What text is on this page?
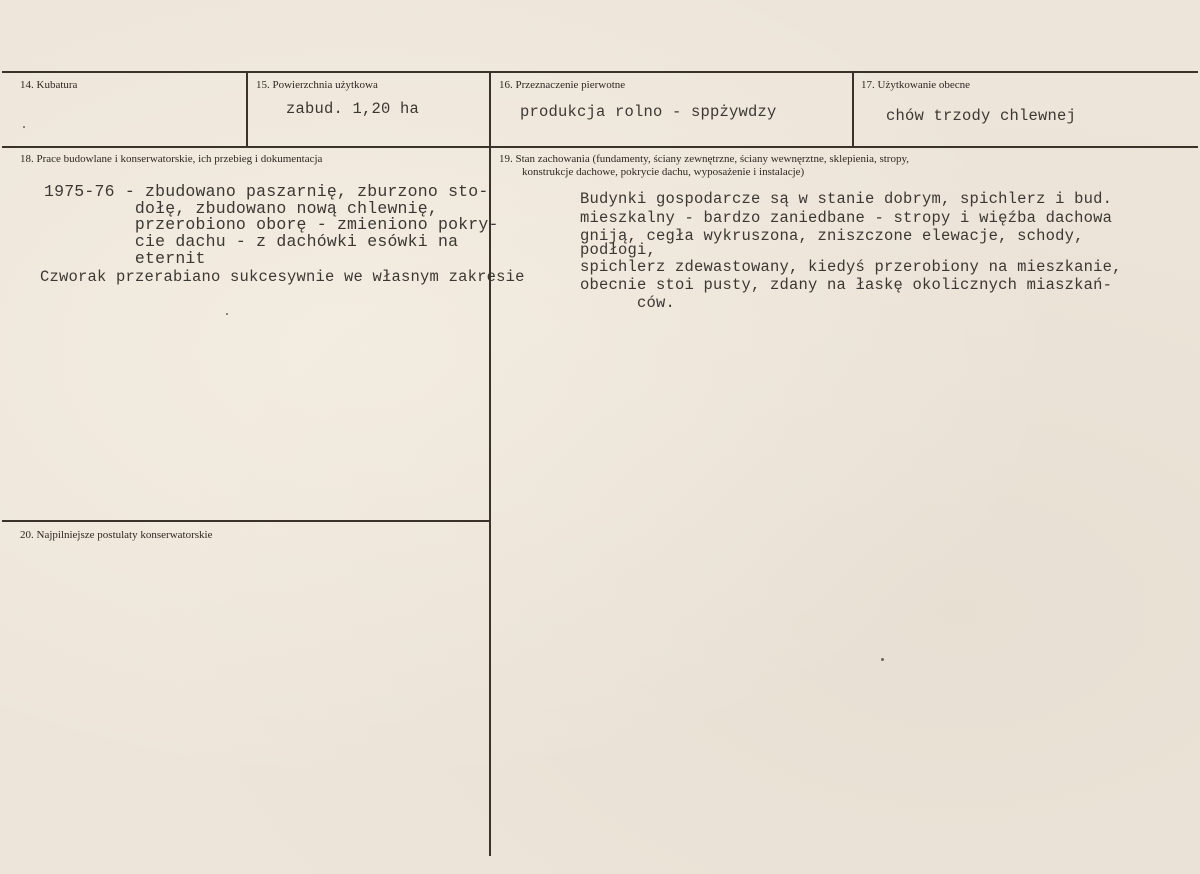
14. Kubatura	15. Powierzchnia użytkowa
zabud. 1,20 ha
16. Przeznaczenie pierwotne
produkcja rolno - sppżywdzy
17. Użytkowanie obecne
chów trzody chlewnej
18. Prace budowlane i konserwatorskie, ich przebieg i dokumentacja
1975-76 - zbudowano paszarnię, zburzono sto-
dołę, zbudowano nową chlewnię,
przerobiono oborę - zmieniono pokry-
cie dachu - z dachówki esówki na
eternit
Czworak przerabiano sukcesywnie we własnym zakresie
19. Stan zachowania (fundamenty, ściany zewnętrzne, ściany wewnęrztne, sklepienia, stropy,
konstrukcje dachowe, pokrycie dachu, wyposażenie i instalacje)
Budynki gospodarcze są w stanie dobrym, spichlerz i bud.
mieszkalny - bardzo zaniedbane - stropy i więźba dachowa
gniją, cegła wykruszona, zniszczone elewacje, schody,
podłogi,
spichlerz zdewastowany, kiedyś przerobiony na mieszkanie,
obecnie stoi pusty, zdany na łaskę okolicznych miaszkań-
ców.
20. Najpilniejsze postulaty konserwatorskie
